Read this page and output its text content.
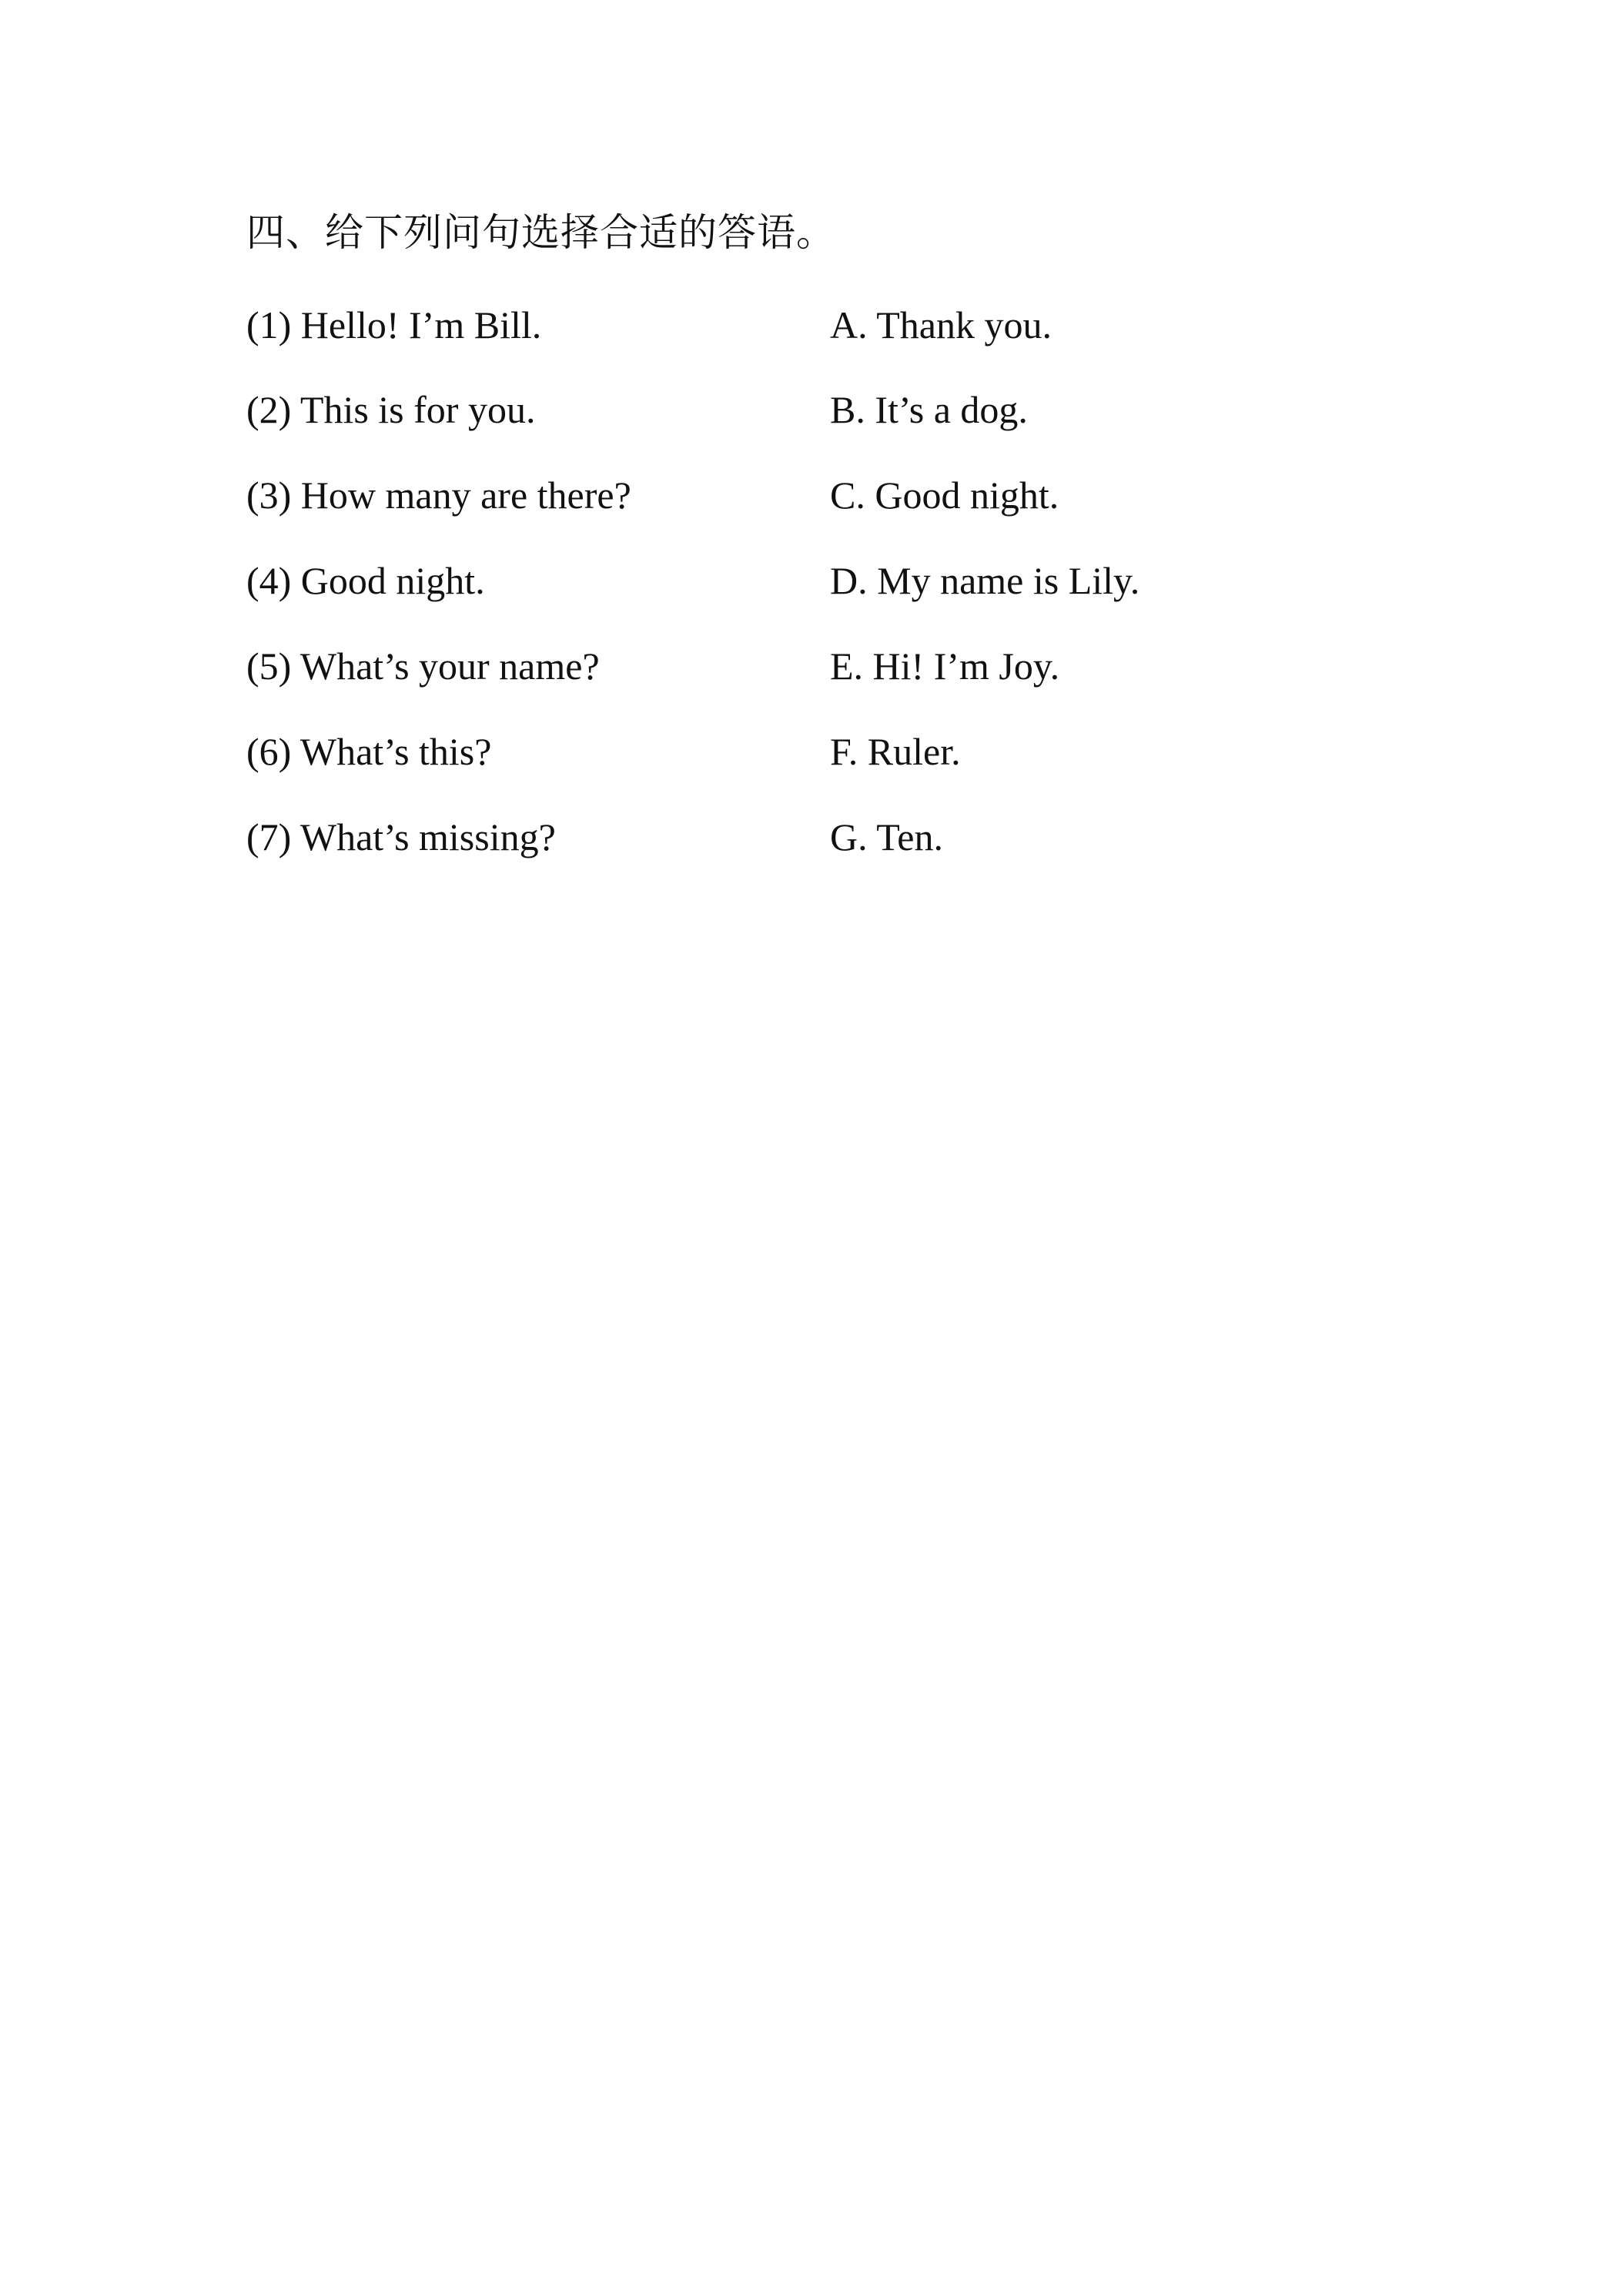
四、给下列问句选择合适的答语。
(1) Hello! I’m Bill.	A. Thank you.
(2) This is for you.	B. It’s a dog.
(3) How many are there?	C. Good night.
(4) Good night.	D. My name is Lily.
(5) What’s your name?	E. Hi! I’m Joy.
(6) What’s this?	F. Ruler.
(7) What’s missing?	G. Ten.
